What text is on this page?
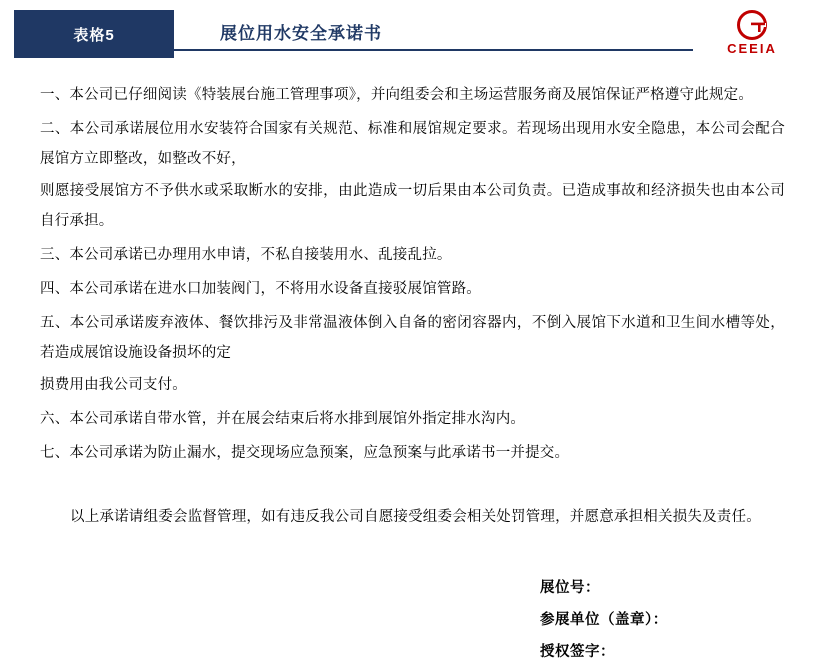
表格5	展位用水安全承诺书
CEEIA

一、本公司已仔细阅读《特装展台施工管理事项》，并向组委会和主场运营服务商及展馆保证严格遵守此规定。

二、本公司承诺展位用水安装符合国家有关规范、标准和展馆规定要求。若现场出现用水安全隐患，本公司会配合展馆方立即整改，如整改不好，

则愿接受展馆方不予供水或采取断水的安排，由此造成一切后果由本公司负责。已造成事故和经济损失也由本公司自行承担。

三、本公司承诺已办理用水申请，不私自接装用水、乱接乱拉。

四、本公司承诺在进水口加装阀门，不将用水设备直接驳展馆管路。

五、本公司承诺废弃液体、餐饮排污及非常温液体倒入自备的密闭容器内，不倒入展馆下水道和卫生间水槽等处，若造成展馆设施设备损坏的定

损费用由我公司支付。

六、本公司承诺自带水管，并在展会结束后将水排到展馆外指定排水沟内。

七、本公司承诺为防止漏水，提交现场应急预案，应急预案与此承诺书一并提交。

以上承诺请组委会监督管理，如有违反我公司自愿接受组委会相关处罚管理，并愿意承担相关损失及责任。

展位号：
参展单位（盖章）：
授权签字：
